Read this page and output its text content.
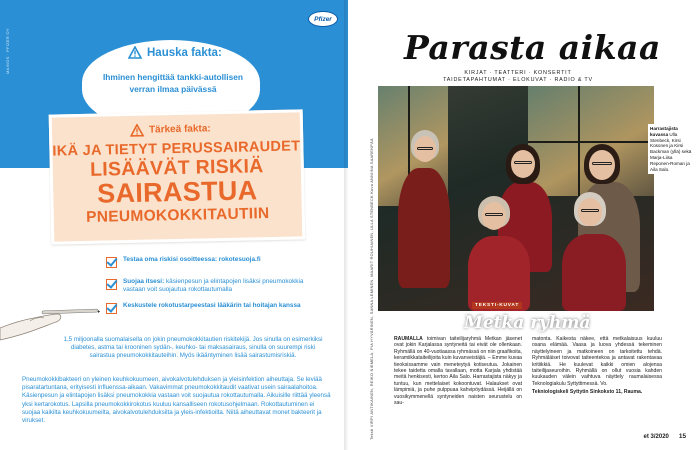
MAINOS · PFIZER OY
Pfizer
Hauska fakta:
Ihminen hengittää tankki-autollisen verran ilmaa päivässä
Tärkeä fakta:
IKÄ JA TIETYT PERUSSAIRAUDET
LISÄÄVÄT RISKIÄ
SAIRASTUA
PNEUMOKOKKITAUTIIN
Testaa oma riskisi osoitteessa: rokotesuoja.fi
Suojaa itsesi: käsienpesun ja elintapojen lisäksi pneumokokkia vastaan voit suojautua rokottautumalla
Keskustele rokotustarpeestasi lääkärin tai hoitajan kanssa
1,5 miljoonalla suomalaisella on jokin pneumokokkitautien riskitekijä. Jos sinulla on esimerkiksi diabetes, astma tai krooninen sydän-, keuhko- tai maksasairaus, sinulla on suurempi riski sairastua pneumokokkitauteihin. Myös ikääntyminen lisää sairastumisriskiä.
Pneumokokkibakteeri on yleinen keuhkokuumeen, aivokalvotulehduksen ja yleisinfektion aiheuttaja. Se leviää pisaratartuntana, erityisesti influenssa-aikaan. Vakavimmat pneumokokkitaudit vaativat usein sairaalahoitoa. Käsienpesun ja elintapojen lisäksi pneumokokkia vastaan voit suojautua rokottautumalla. Aikuisille riittää yleensä yksi kertarokotus. Lapsilla pneumokokkirokotus kuuluu kansalliseen rokotusohjelmaan. Rokottautuminen ei suojaa kaikilta keuhkokuumeilta, aivokalvotulehduksilta ja yleis-infektioilta. Niitä aiheuttavat monet bakteerit ja virukset.
Parasta aikaa
KIRJAT · TEATTERI · KONSERTIT
TAIDETAPAHTUMAT · ELOKUVAT · RADIO & TV
Harrastajista kuvassa Ulla Stenbeck, Kirsi Kosonen ja Kirsi Backman (yllä) sekä Marja-Liisa Reponen-Roman ja Aila Salo.
TEKSTI-KUVAT
Metka ryhmä
Teksti VIRPI ANTIKAINEN, REIKO NIEMELA, PIA HYVÄRINEN, SANNA LEMINEN, MAARIT ROUHIAINEN, ULLA STENBECK Kuva ANNIINA SAARENPÄÄ	RAUMALLA toimivan taiteilijaryhmä Metkan jäsenet ovat jokin Karjalassa syntyneitä tai eivät ole ollenkaan. Ryhmällä on 40-vuotiaassa ryhmässä on niin graafikoita, keramiikkataiteilijoita kuin kuvanveistäjiä. – Emme kuvaa tieoksissamme vain meneteytyä kotiseutua. Jokainen tekee taidetta omalla tavallaan, motta Karjala yhdistää meitä henkisesti, kertoo Aila Salo. Harrastajista näkyy ja tuntuu, kun mettelaiset kokoontuvat. Halaukset ovat lämpimiä, ja puhe pulppuaa kahvipöydässä. Heijällä on vuosikymmenellä syntyneiden naisten seurustelu on sau-
matonta. Kaikesta näkee, että metkalaisuus kuuluu osana elämää. Vaasa ja luova yhdessä tekeminen näyttelyineen ja matkoineen on tarkoitettu tehdä. Ryhmäläiset toivovat taiteentekoa ja antavat rakentavaa kritiikkiä. He kuulevat kaikki omien alojensa taiteilijaseuroihin. Ryhmällä on ollut vuosia kahden kuukauden välein vaihtuva näyttely raumalaisessa Teknologiakulu Syttyttimessä. Vo.
Tekniologiskeli Syttytin Sinkoksto 11, Rauma.
et 3/2020 15
